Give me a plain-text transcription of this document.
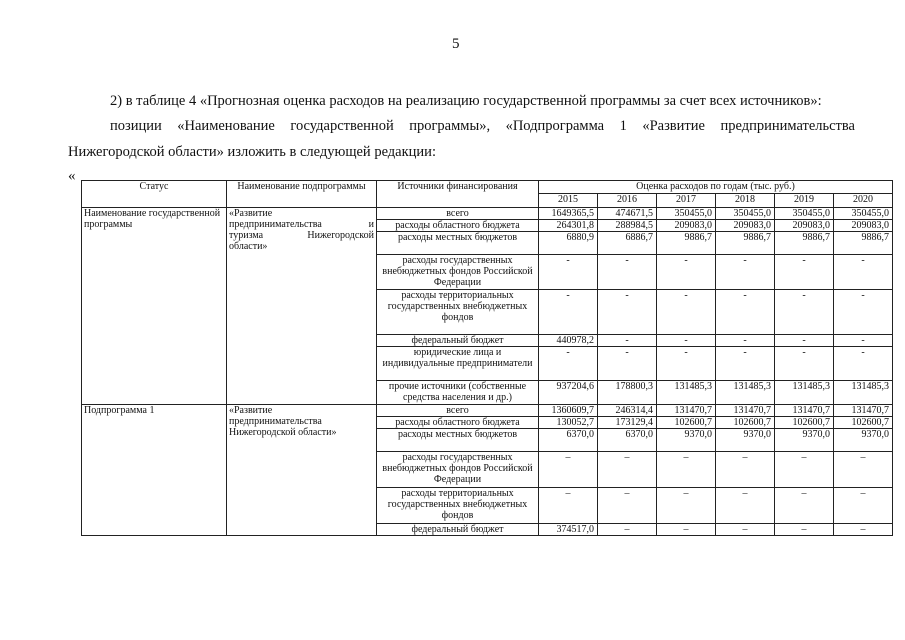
5
2) в таблице 4 «Прогнозная оценка расходов на реализацию государственной программы за счет всех источников»:
позиции «Наименование государственной программы», «Подпрограмма 1 «Развитие предпринимательства
Нижегородской области» изложить в следующей редакции:
«
Статус	Наименование подпрограммы	Источники финансирования	Оценка расходов по годам (тыс. руб.)					
			2015	2016	2017	2018	2019	2020
Наименование государственной программы	«Развитие
предпринимательства и
туризма Нижегородской
области»	всего	1649365,5	474671,5	350455,0	350455,0	350455,0	350455,0
		расходы областного бюджета	264301,8	288984,5	209083,0	209083,0	209083,0	209083,0
		расходы местных бюджетов	6880,9	6886,7	9886,7	9886,7	9886,7	9886,7
		расходы государственных внебюджетных фондов Российской Федерации	-	-	-	-	-	-
		расходы территориальных государственных внебюджетных фондов	-	-	-	-	-	-
		федеральный бюджет	440978,2	-	-	-	-	-
		юридические лица и индивидуальные предприниматели	-	-	-	-	-	-
		прочие источники (собственные средства населения и др.)	937204,6	178800,3	131485,3	131485,3	131485,3	131485,3
Подпрограмма 1	«Развитие
предпринимательства
Нижегородской области»	всего	1360609,7	246314,4	131470,7	131470,7	131470,7	131470,7
		расходы областного бюджета	130052,7	173129,4	102600,7	102600,7	102600,7	102600,7
		расходы местных бюджетов	6370,0	6370,0	9370,0	9370,0	9370,0	9370,0
		расходы государственных внебюджетных фондов Российской Федерации	–	–	–	–	–	–
		расходы территориальных государственных внебюджетных фондов	–	–	–	–	–	–
		федеральный бюджет	374517,0	–	–	–	–	–
